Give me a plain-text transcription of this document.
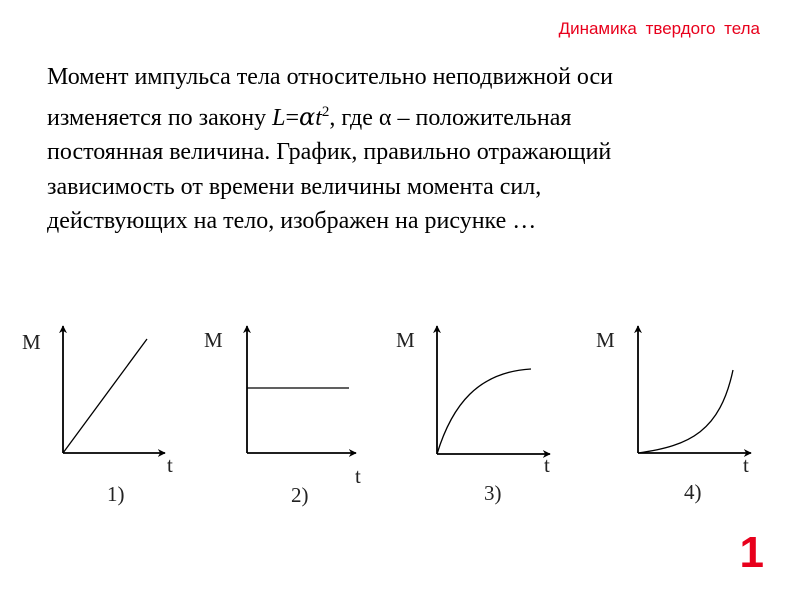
Динамика твердого тела
Момент импульса тела относительно неподвижной оси изменяется по закону $L=\alpha t^2$, где α – положительная постоянная величина. График, правильно отражающий зависимость от времени величины момента сил, действующих на тело, изображен на рисунке …
M
t
1)
M
t
2)
M
t
3)
M
t
4)
1
